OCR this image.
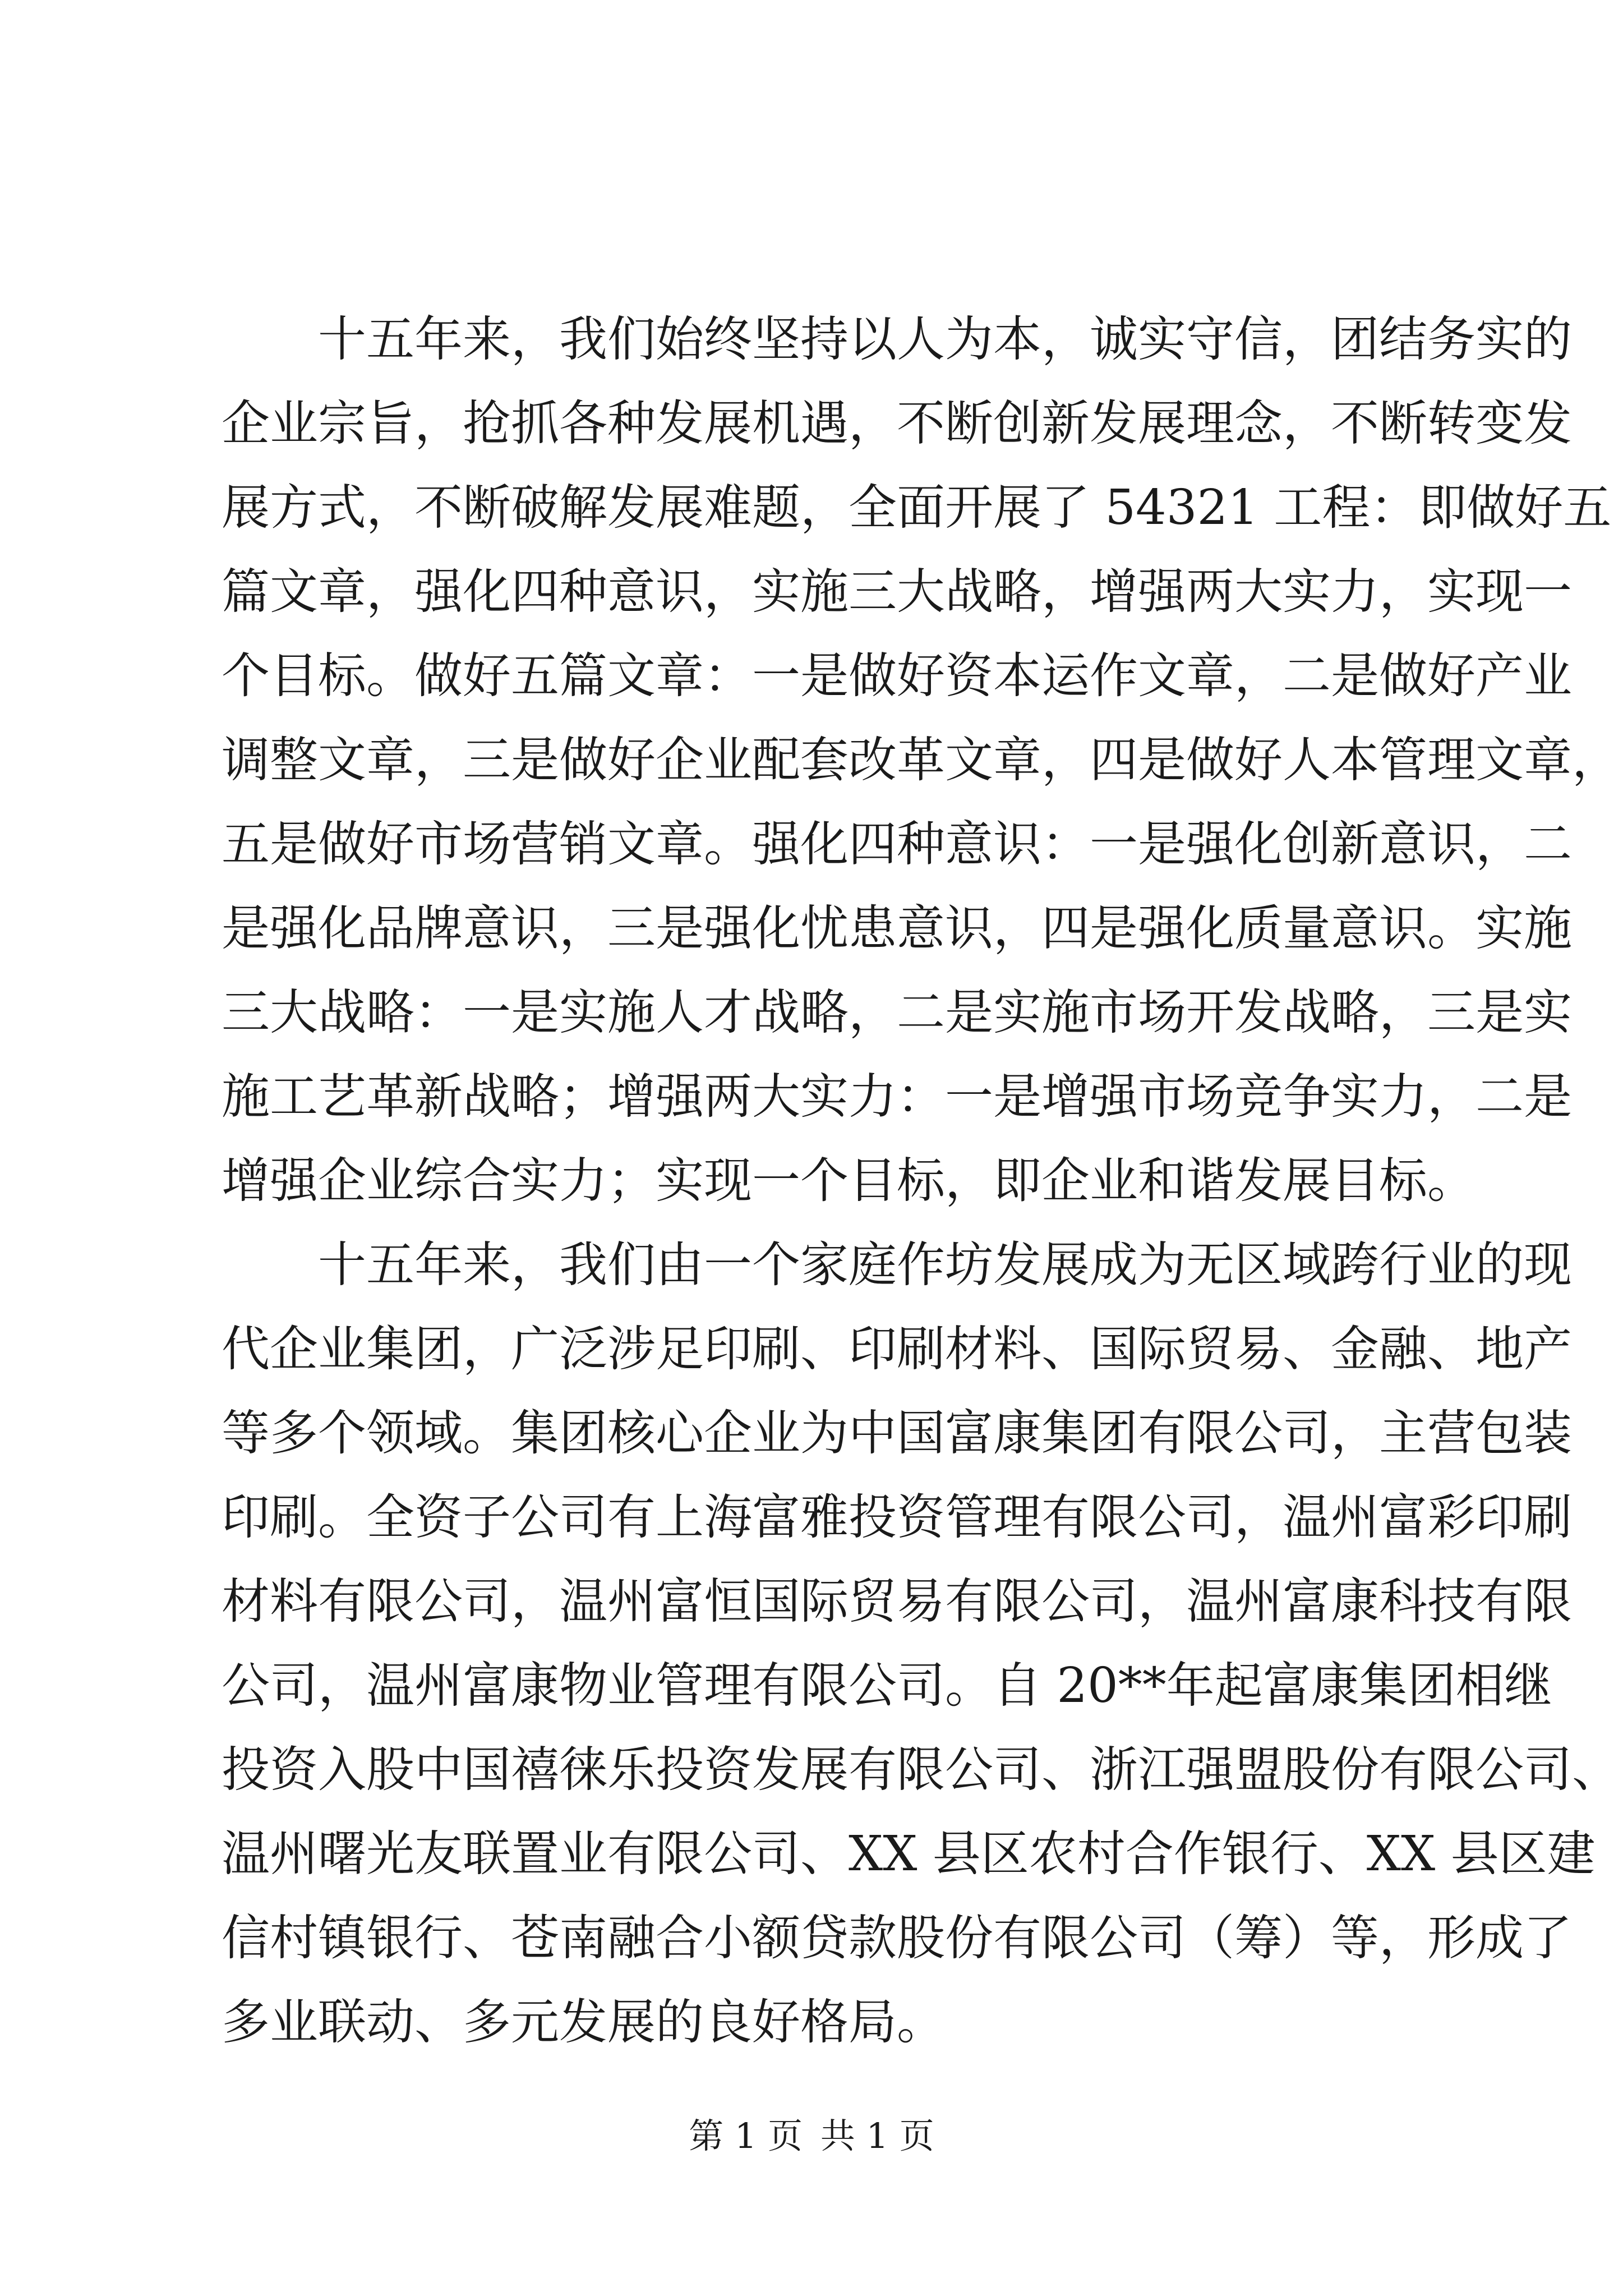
十五年来，我们始终坚持以人为本，诚实守信，团结务实的
企业宗旨，抢抓各种发展机遇，不断创新发展理念，不断转变发
展方式，不断破解发展难题，全面开展了 54321 工程：即做好五
篇文章，强化四种意识，实施三大战略，增强两大实力，实现一
个目标。做好五篇文章：一是做好资本运作文章，二是做好产业
调整文章，三是做好企业配套改革文章，四是做好人本管理文章，
五是做好市场营销文章。强化四种意识：一是强化创新意识，二
是强化品牌意识，三是强化忧患意识，四是强化质量意识。实施
三大战略：一是实施人才战略，二是实施市场开发战略，三是实
施工艺革新战略；增强两大实力：一是增强市场竞争实力，二是
增强企业综合实力；实现一个目标，即企业和谐发展目标。
十五年来，我们由一个家庭作坊发展成为无区域跨行业的现
代企业集团，广泛涉足印刷、印刷材料、国际贸易、金融、地产
等多个领域。集团核心企业为中国富康集团有限公司，主营包装
印刷。全资子公司有上海富雅投资管理有限公司，温州富彩印刷
材料有限公司，温州富恒国际贸易有限公司，温州富康科技有限
公司，温州富康物业管理有限公司。自 20**年起富康集团相继
投资入股中国禧徕乐投资发展有限公司、浙江强盟股份有限公司、
温州曙光友联置业有限公司、XX 县区农村合作银行、XX 县区建
信村镇银行、苍南融合小额贷款股份有限公司（筹）等，形成了
多业联动、多元发展的良好格局。
第 1 页 共 1 页
